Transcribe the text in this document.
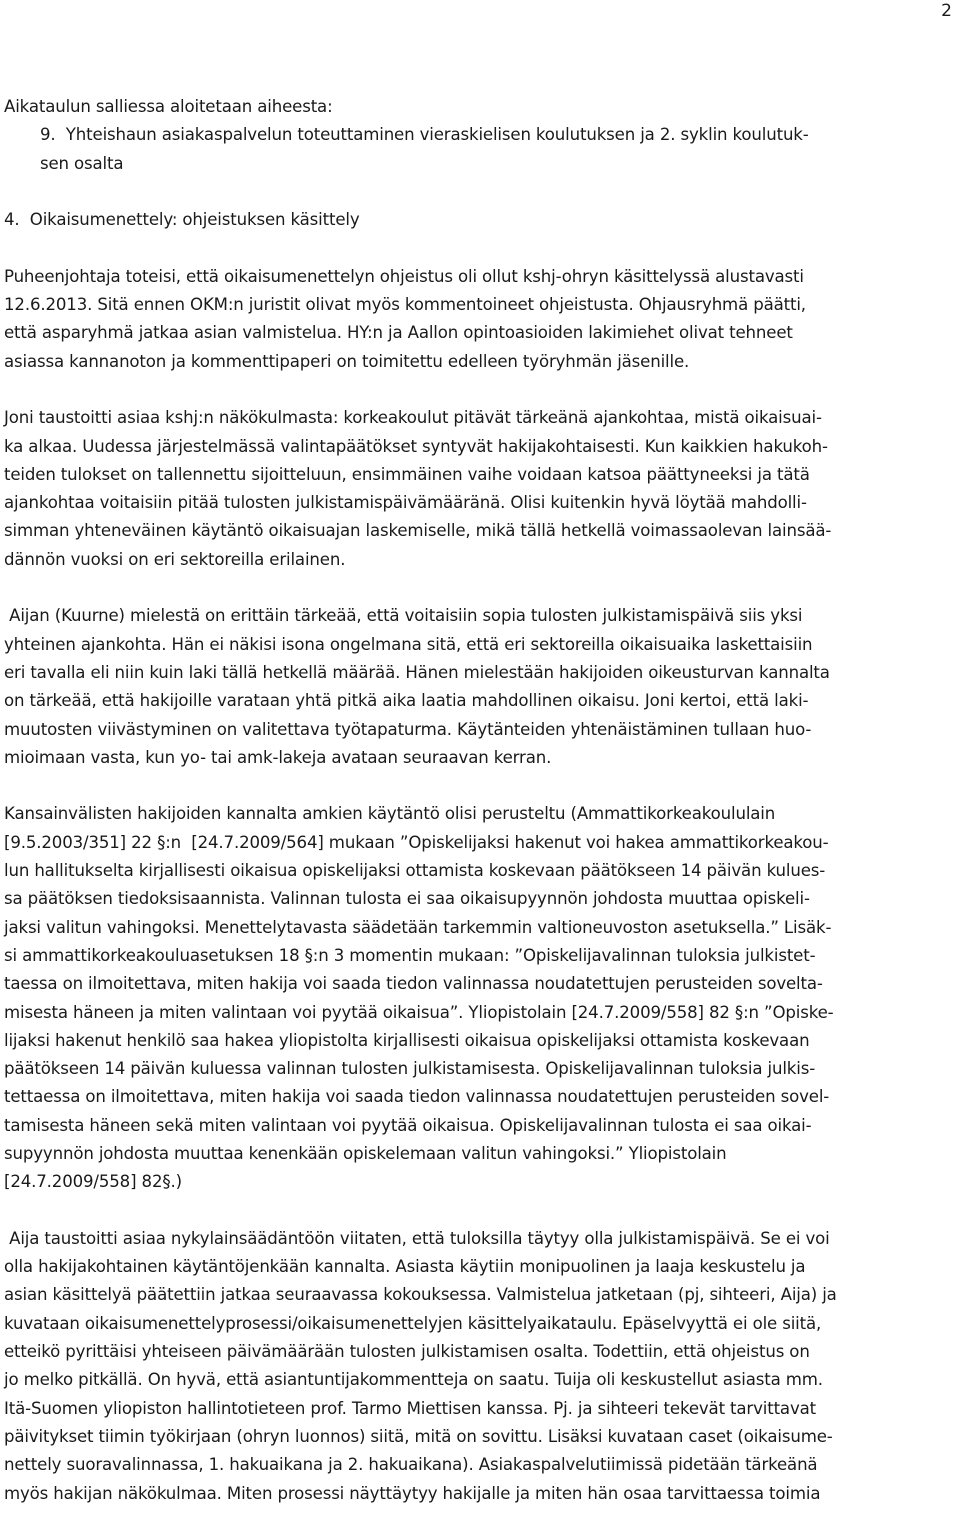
2
Aikataulun salliessa aloitetaan aiheesta:
9. Yhteishaun asiakaspalvelun toteuttaminen vieraskielisen koulutuksen ja 2. syklin koulutuk-
sen osalta
4.  Oikaisumenettely: ohjeistuksen käsittely
Puheenjohtaja toteisi, että oikaisumenettelyn ohjeistus oli ollut kshj-ohryn käsittelyssä alustavasti
12.6.2013. Sitä ennen OKM:n juristit olivat myös kommentoineet ohjeistusta. Ohjausryhmä päätti,
että asparyhmä jatkaa asian valmistelua. HY:n ja Aallon opintoasioiden lakimiehet olivat tehneet
asiassa kannanoton ja kommenttipaperi on toimitettu edelleen työryhmän jäsenille.
Joni taustoitti asiaa kshj:n näkökulmasta: korkeakoulut pitävät tärkeänä ajankohtaa, mistä oikaisuai-
ka alkaa. Uudessa järjestelmässä valintapäätökset syntyvät hakijakohtaisesti. Kun kaikkien hakukoh-
teiden tulokset on tallennettu sijoitteluun, ensimmäinen vaihe voidaan katsoa päättyneeksi ja tätä
ajankohtaa voitaisiin pitää tulosten julkistamispäivämääränä. Olisi kuitenkin hyvä löytää mahdolli-
simman yhteneväinen käytäntö oikaisuajan laskemiselle, mikä tällä hetkellä voimassaolevan lainsää-
dännön vuoksi on eri sektoreilla erilainen.
Aijan (Kuurne) mielestä on erittäin tärkeää, että voitaisiin sopia tulosten julkistamispäivä siis yksi
yhteinen ajankohta. Hän ei näkisi isona ongelmana sitä, että eri sektoreilla oikaisuaika laskettaisiin
eri tavalla eli niin kuin laki tällä hetkellä määrää. Hänen mielestään hakijoiden oikeusturvan kannalta
on tärkeää, että hakijoille varataan yhtä pitkä aika laatia mahdollinen oikaisu. Joni kertoi, että laki-
muutosten viivästyminen on valitettava työtapaturma. Käytänteiden yhtenäistäminen tullaan huo-
mioimaan vasta, kun yo- tai amk-lakeja avataan seuraavan kerran.
Kansainvälisten hakijoiden kannalta amkien käytäntö olisi perusteltu (Ammattikorkeakoululain
[9.5.2003/351] 22 §:n  [24.7.2009/564] mukaan ”Opiskelijaksi hakenut voi hakea ammattikorkeakou-
lun hallitukselta kirjallisesti oikaisua opiskelijaksi ottamista koskevaan päätökseen 14 päivän kulues-
sa päätöksen tiedoksisaannista. Valinnan tulosta ei saa oikaisupyynnön johdosta muuttaa opiskeli-
jaksi valitun vahingoksi. Menettelytavasta säädetään tarkemmin valtioneuvoston asetuksella.” Lisäk-
si ammattikorkeakouluasetuksen 18 §:n 3 momentin mukaan: ”Opiskelijavalinnan tuloksia julkistet-
taessa on ilmoitettava, miten hakija voi saada tiedon valinnassa noudatettujen perusteiden soveltа-
misesta häneen ja miten valintaan voi pyytää oikaisua”. Yliopistolain [24.7.2009/558] 82 §:n ”Opiske-
lijaksi hakenut henkilö saa hakea yliopistolta kirjallisesti oikaisua opiskelijaksi ottamista koskevaan
päätökseen 14 päivän kuluessa valinnan tulosten julkistamisesta. Opiskelijavalinnan tuloksia julkis-
tettaessa on ilmoitettava, miten hakija voi saada tiedon valinnassa noudatettujen perusteiden sovel-
tamisesta häneen sekä miten valintaan voi pyytää oikaisua. Opiskelijavalinnan tulosta ei saa oikai-
supyynnön johdosta muuttaa kenenkään opiskelemaan valitun vahingoksi.” Yliopistolain
[24.7.2009/558] 82§.)
Aija taustoitti asiaa nykylainsäädäntöön viitaten, että tuloksilla täytyy olla julkistamispäivä. Se ei voi
olla hakijakohtainen käytäntöjenkään kannalta. Asiasta käytiin monipuolinen ja laaja keskustelu ja
asian käsittelyä päätettiin jatkaa seuraavassa kokouksessa. Valmistelua jatketaan (pj, sihteeri, Aija) ja
kuvataan oikaisumenettelyprosessi/oikaisumenettelyjen käsittelyaikataulu. Epäselvyyttä ei ole siitä,
etteikö pyrittäisi yhteiseen päivämäärään tulosten julkistamisen osalta. Todettiin, että ohjeistus on
jo melko pitkällä. On hyvä, että asiantuntijakommentteja on saatu. Tuija oli keskustellut asiasta mm.
Itä-Suomen yliopiston hallintotieteen prof. Tarmo Miettisen kanssa. Pj. ja sihteeri tekevät tarvittavat
päivitykset tiimin työkirjaan (ohryn luonnos) siitä, mitä on sovittu. Lisäksi kuvataan caset (oikaisume-
nettely suoravalinnassa, 1. hakuaikana ja 2. hakuaikana). Asiakaspalvelutiimissä pidetään tärkeänä
myös hakijan näkökulmaa. Miten prosessi näyttäytyy hakijalle ja miten hän osaa tarvittaessa toimia
